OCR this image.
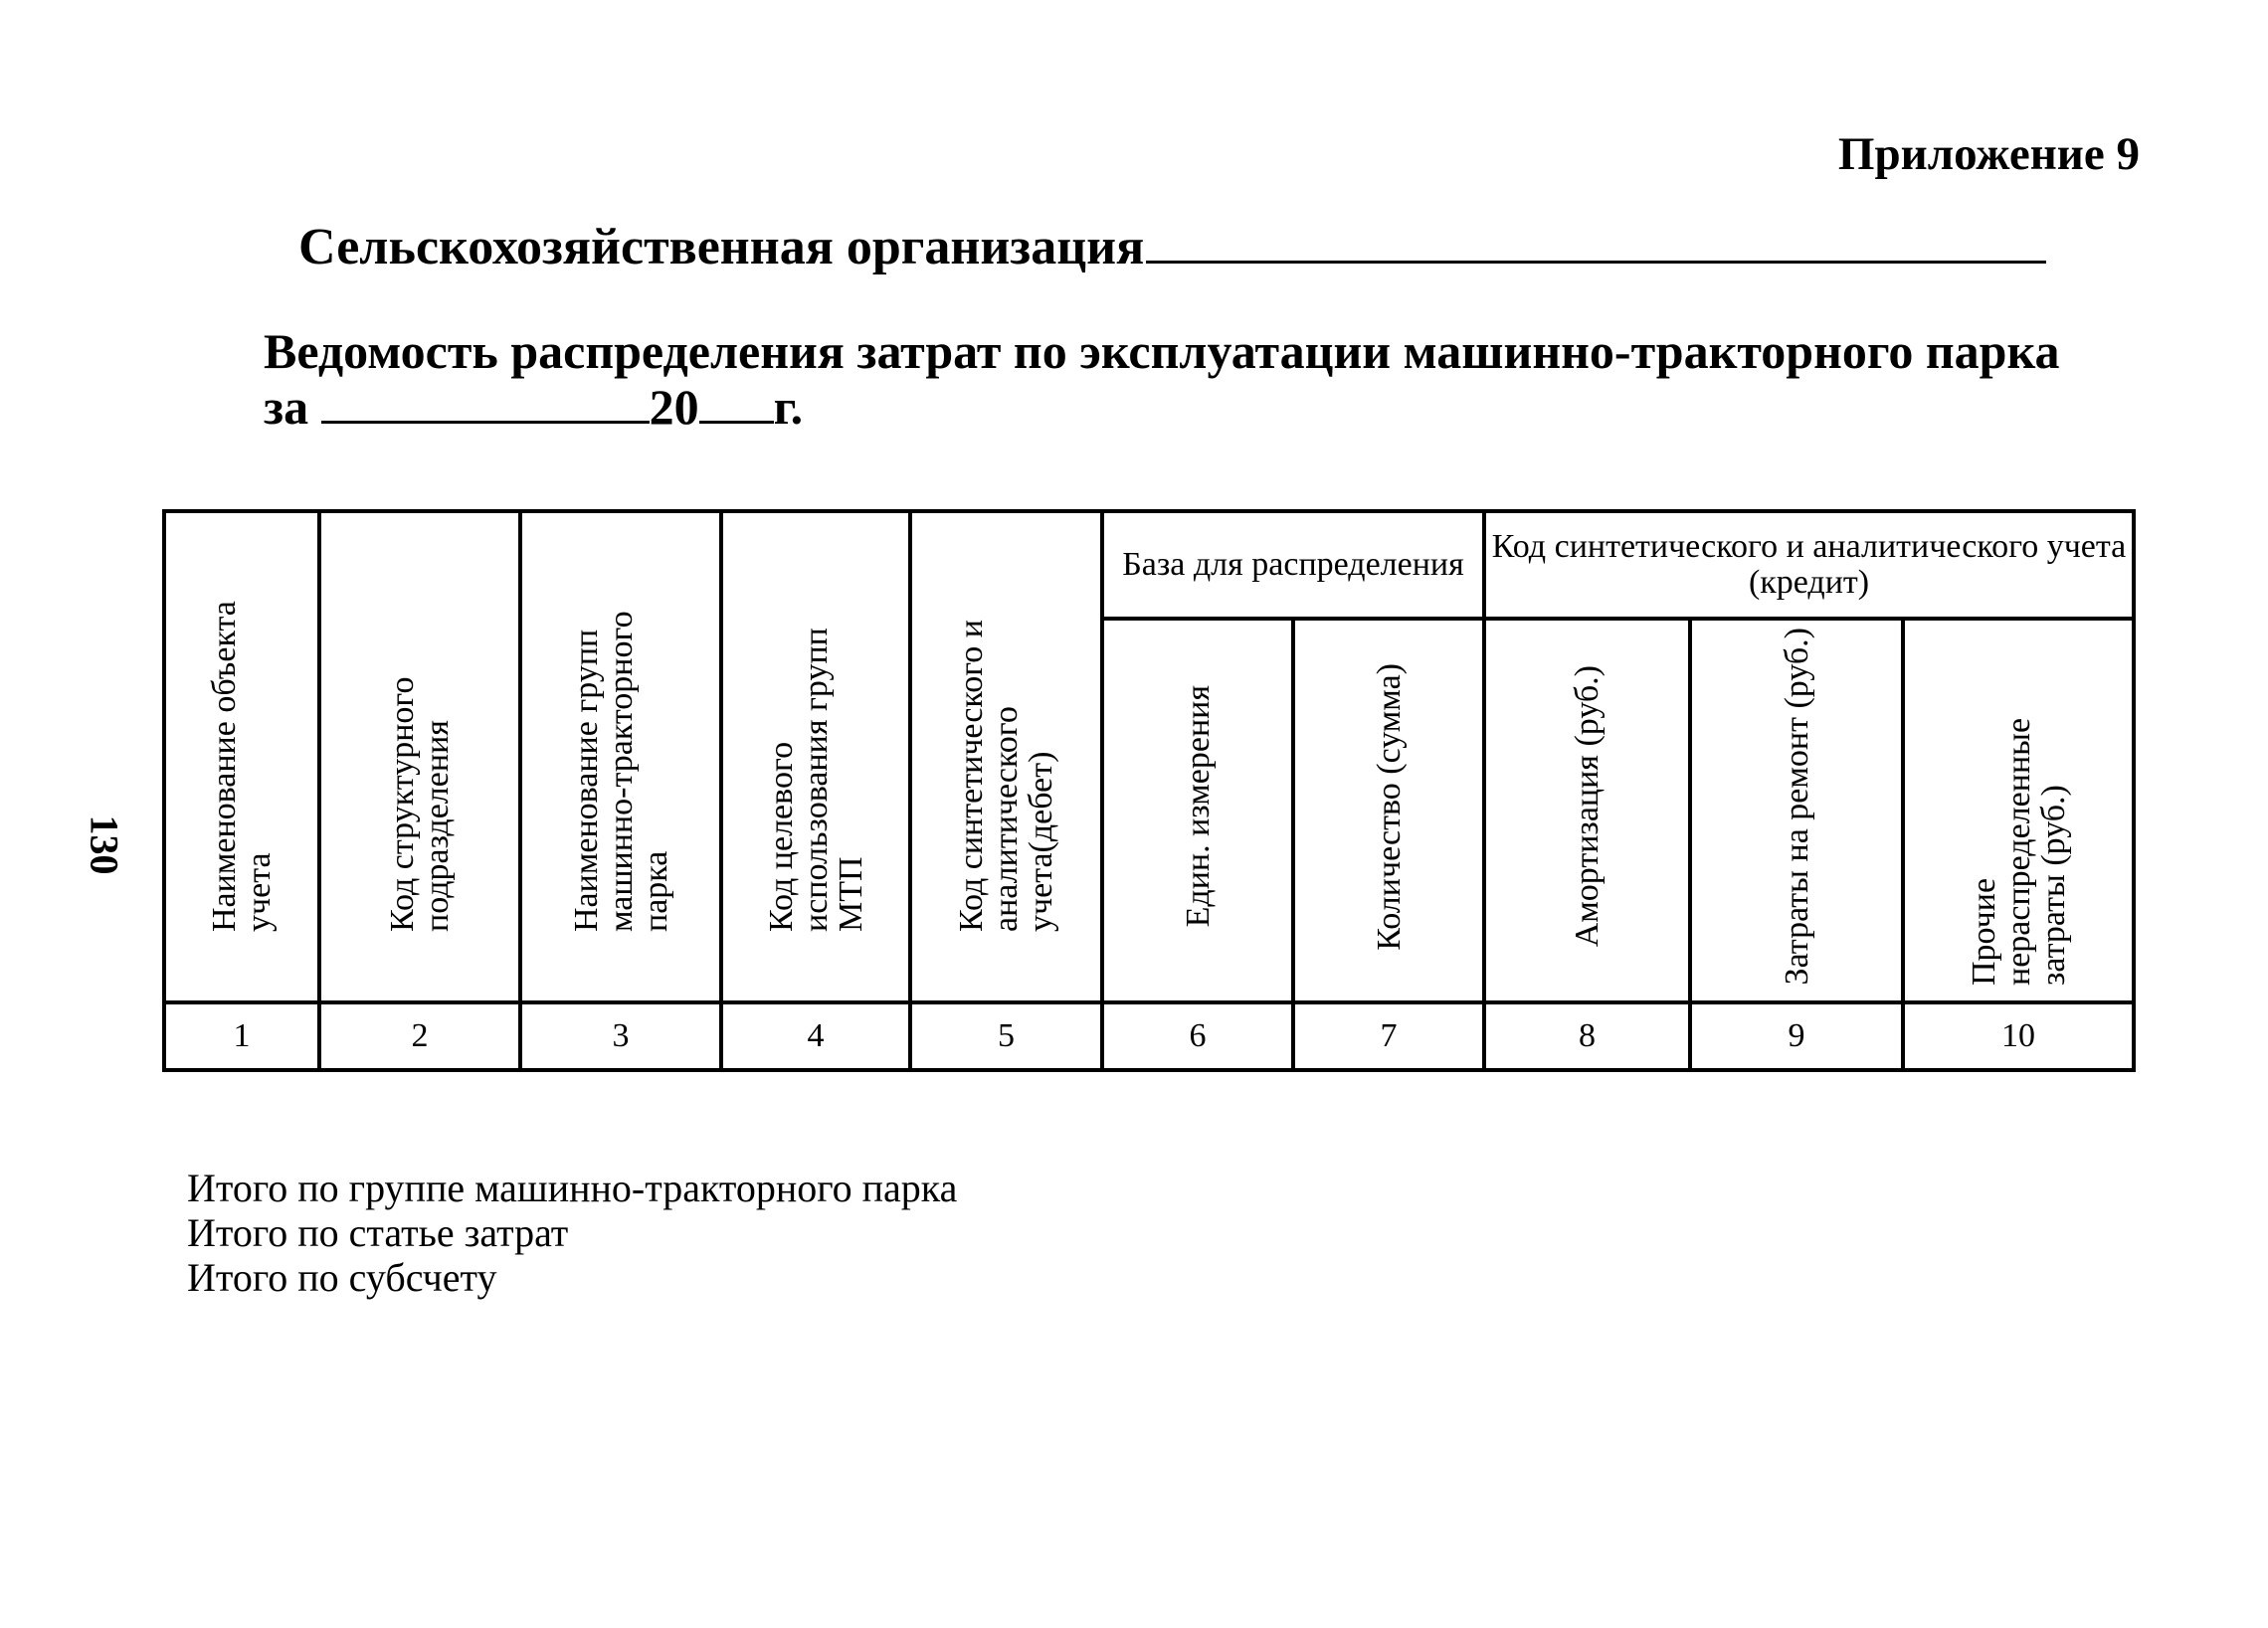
Приложение 9
Сельскохозяйственная организация
Ведомость распределения затрат по эксплуатации машинно-тракторного парка
за	20 г.
130 Наименование объекта учета	Код структурного подразделения	Наименование групп машинно-тракторного парка	Код целевого использования групп МТП	Код синтетического и аналитического учета(дебет)	База для распределения		Код синтетического и аналитического учета (кредит)		
					Един. измерения	Количество (сумма)	Амортизация (руб.)	Затраты на ремонт (руб.)	Прочие нераспределенные затраты (руб.)
1	2	3	4	5	6	7	8	9	10
Итого по группе машинно-тракторного парка
Итого по статье затрат
Итого по субсчету
